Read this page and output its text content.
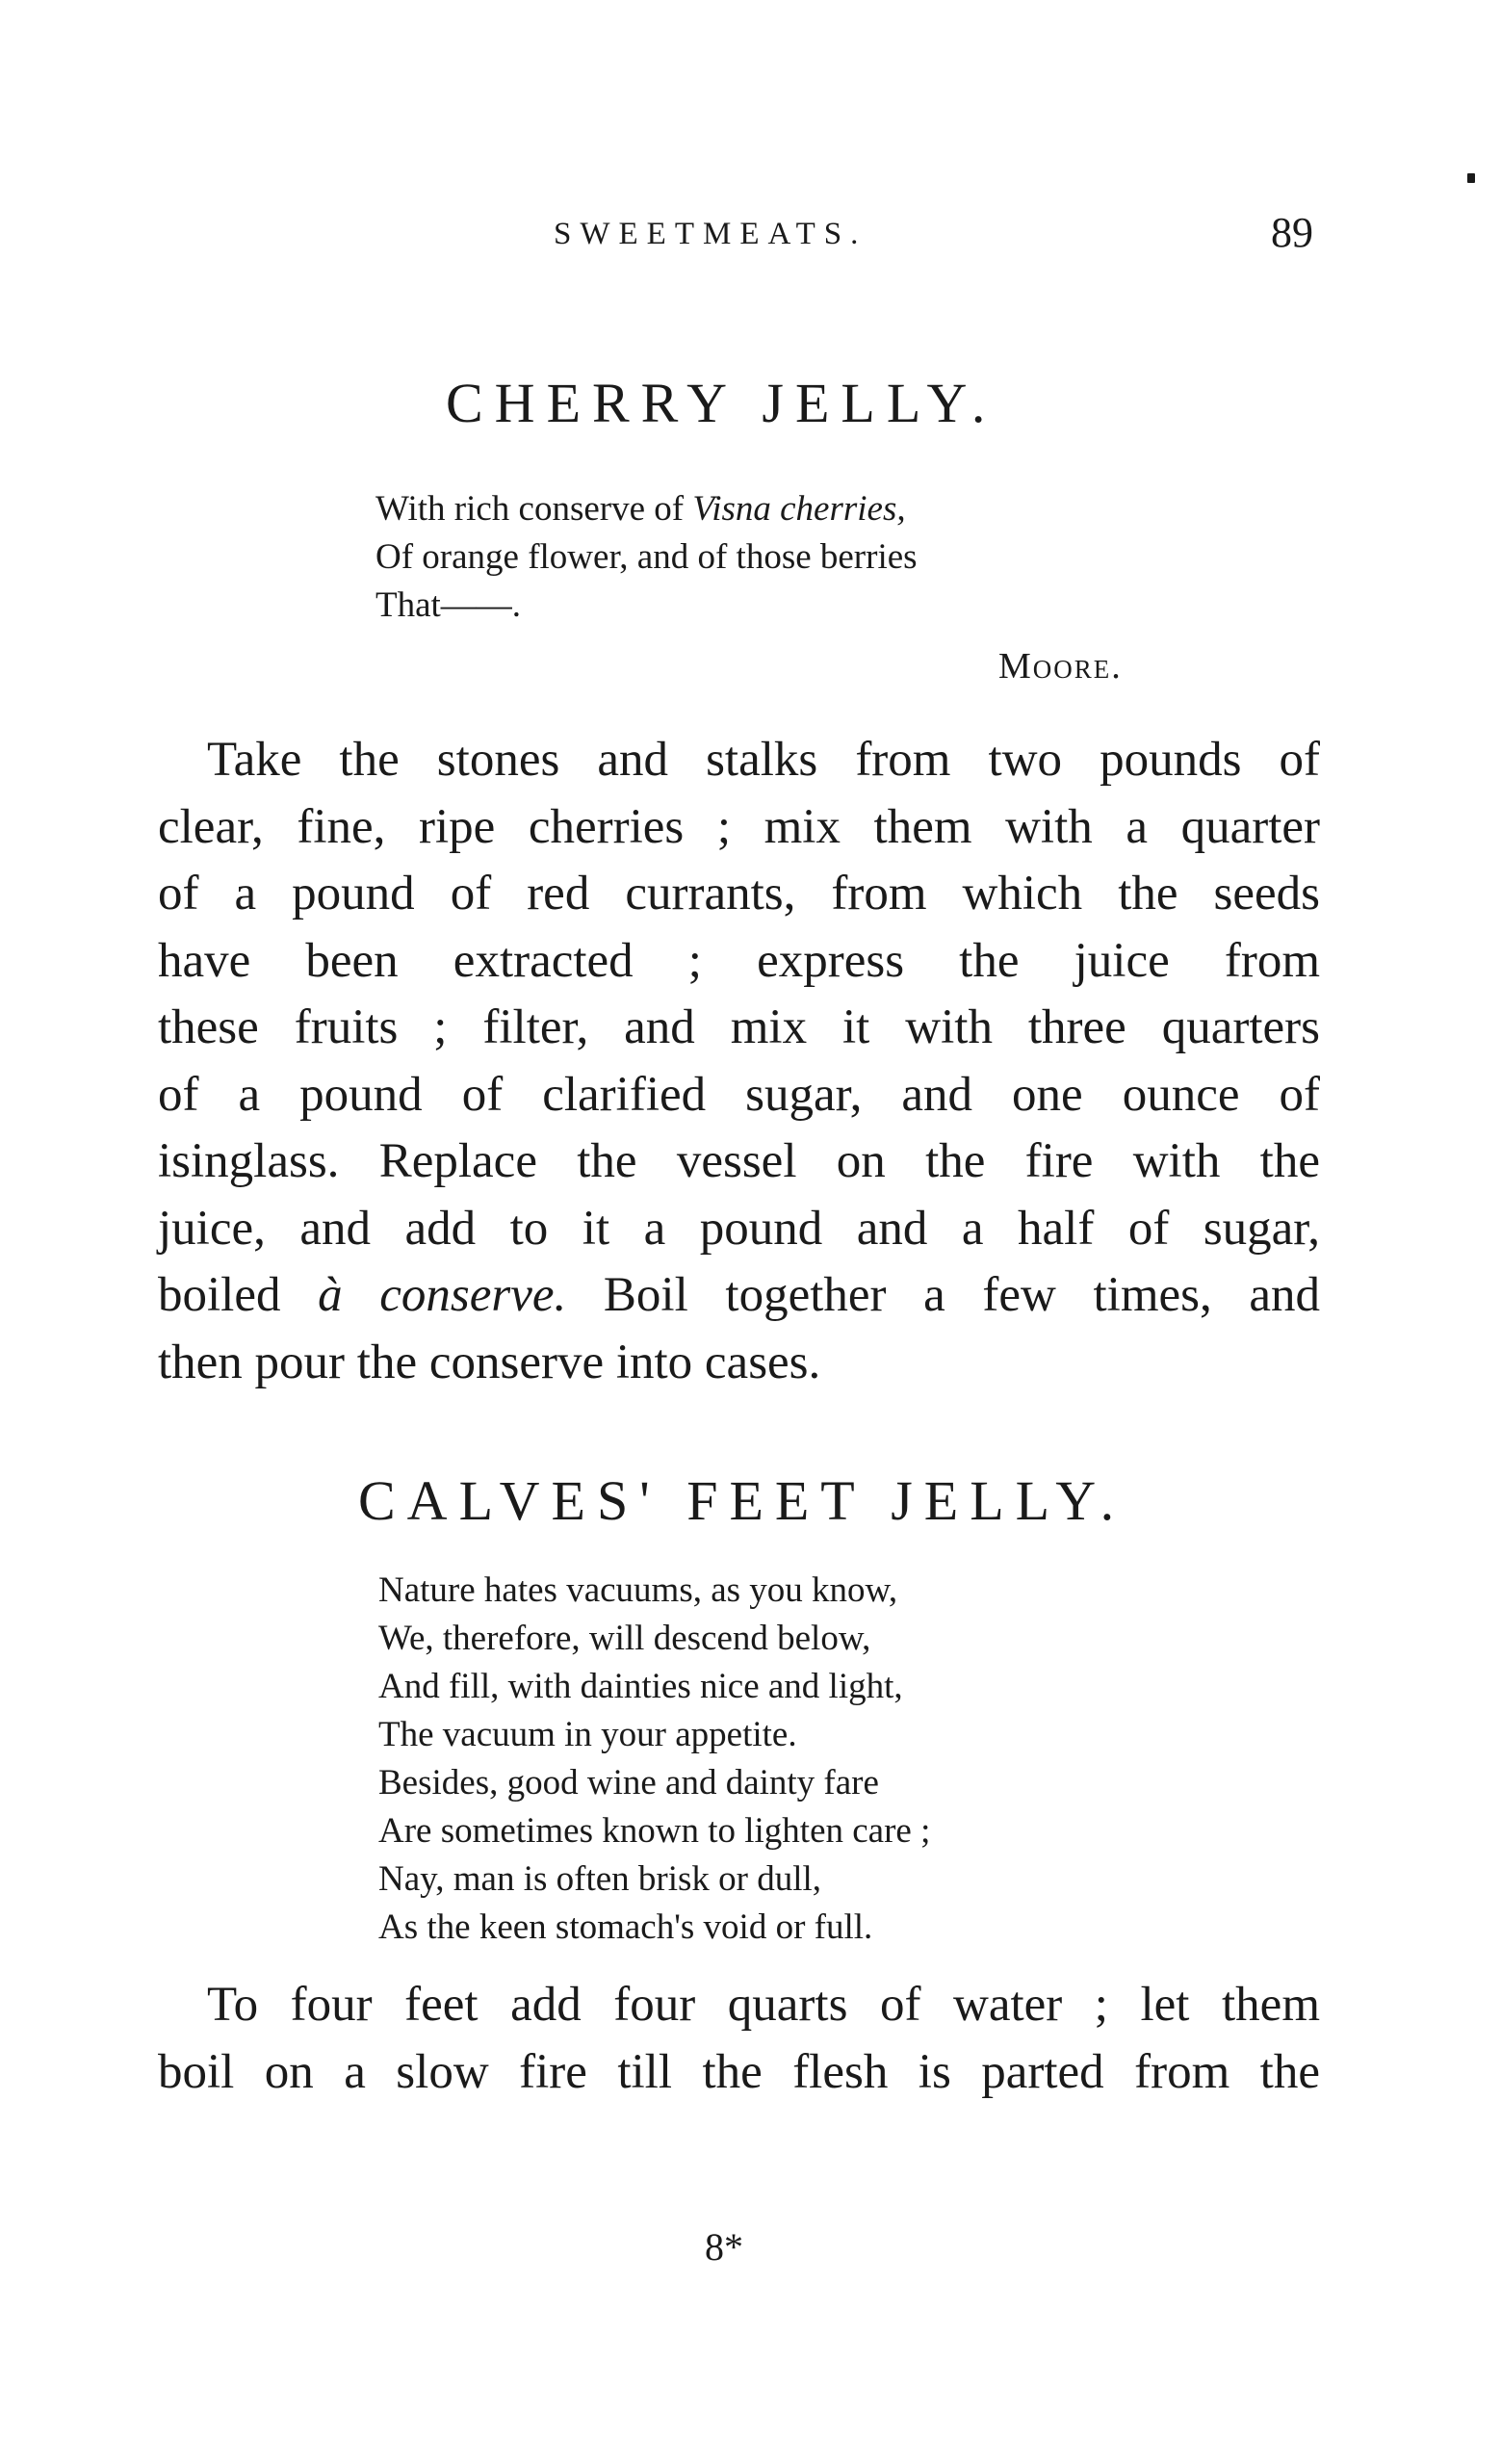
SWEETMEATS.	89
CHERRY JELLY.
With rich conserve of Visna cherries,
Of orange flower, and of those berries
That——.
Moore.
Take the stones and stalks from two pounds of
clear, fine, ripe cherries ; mix them with a quarter
of a pound of red currants, from which the seeds
have been extracted ; express the juice from
these fruits ; filter, and mix it with three quarters
of a pound of clarified sugar, and one ounce of
isinglass. Replace the vessel on the fire with the
juice, and add to it a pound and a half of sugar,
boiled à conserve. Boil together a few times, and
then pour the conserve into cases.
CALVES' FEET JELLY.
Nature hates vacuums, as you know,
We, therefore, will descend below,
And fill, with dainties nice and light,
The vacuum in your appetite.
Besides, good wine and dainty fare
Are sometimes known to lighten care ;
Nay, man is often brisk or dull,
As the keen stomach's void or full.
To four feet add four quarts of water ; let them
boil on a slow fire till the flesh is parted from the
8*
